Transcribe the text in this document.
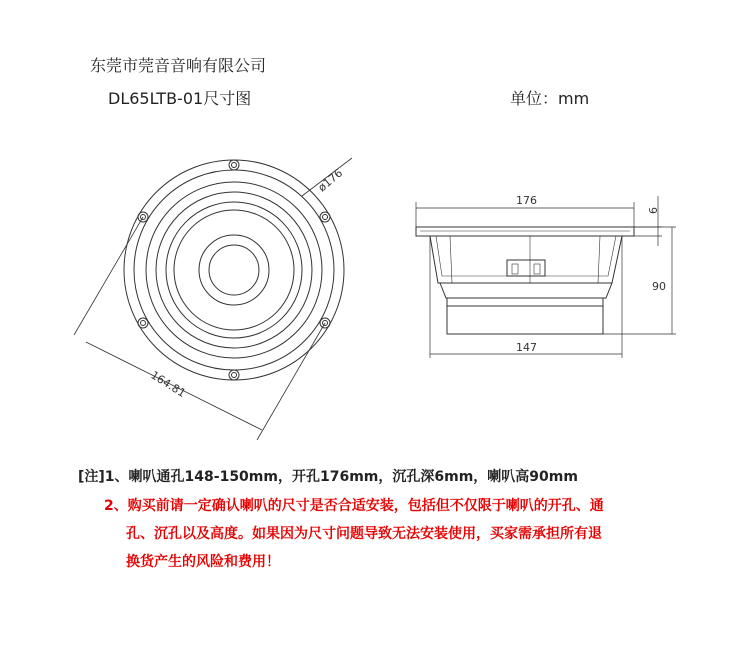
东莞市莞音音响有限公司
DL65LTB-01尺寸图	单位：mm
ø176
164.81
176
6
90
147
[注]1、喇叭通孔148-150mm，开孔176mm，沉孔深6mm，喇叭高90mm
2、购买前请一定确认喇叭的尺寸是否合适安装，包括但不仅限于喇叭的开孔、通
孔、沉孔以及高度。如果因为尺寸问题导致无法安装使用，买家需承担所有退
换货产生的风险和费用！
